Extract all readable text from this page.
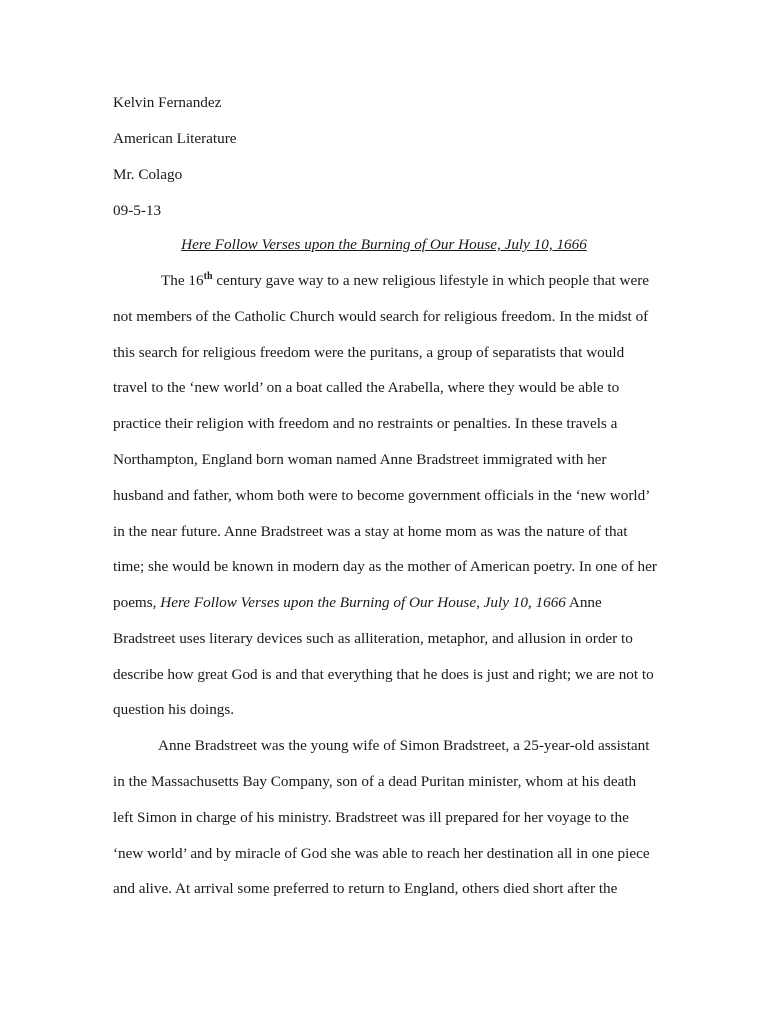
Kelvin Fernandez
American Literature
Mr. Colago
09-5-13
Here Follow Verses upon the Burning of Our House, July 10, 1666
The 16th century gave way to a new religious lifestyle in which people that were
not members of the Catholic Church would search for religious freedom. In the midst of
this search for religious freedom were the puritans, a group of separatists that would
travel to the ‘new world’ on a boat called the Arabella, where they would be able to
practice their religion with freedom and no restraints or penalties. In these travels a
Northampton, England born woman named Anne Bradstreet immigrated with her
husband and father, whom both were to become government officials in the ‘new world’
in the near future. Anne Bradstreet was a stay at home mom as was the nature of that
time; she would be known in modern day as the mother of American poetry. In one of her
poems, Here Follow Verses upon the Burning of Our House, July 10, 1666 Anne
Bradstreet uses literary devices such as alliteration, metaphor, and allusion in order to
describe how great God is and that everything that he does is just and right; we are not to
question his doings.
Anne Bradstreet was the young wife of Simon Bradstreet, a 25-year-old assistant
in the Massachusetts Bay Company, son of a dead Puritan minister, whom at his death
left Simon in charge of his ministry. Bradstreet was ill prepared for her voyage to the
‘new world’ and by miracle of God she was able to reach her destination all in one piece
and alive. At arrival some preferred to return to England, others died short after the
